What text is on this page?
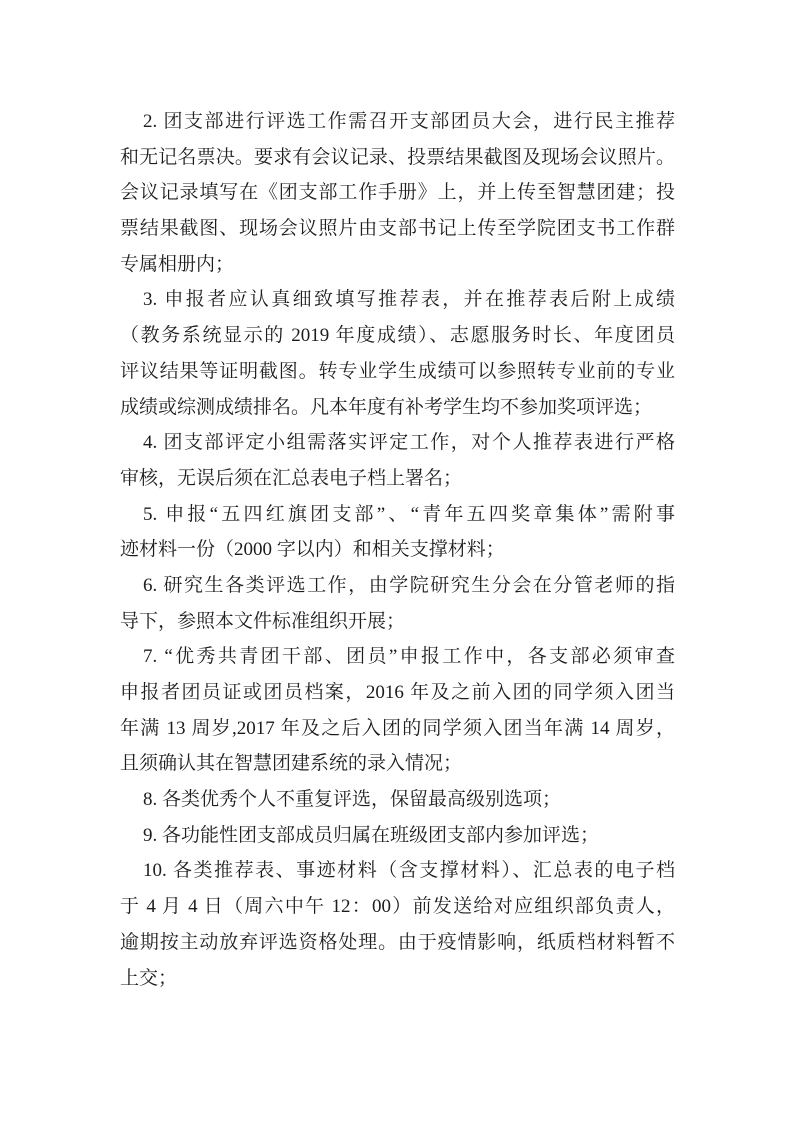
2. 团支部进行评选工作需召开支部团员大会，进行民主推荐
和无记名票决。要求有会议记录、投票结果截图及现场会议照片。
会议记录填写在《团支部工作手册》上，并上传至智慧团建；投
票结果截图、现场会议照片由支部书记上传至学院团支书工作群
专属相册内；
3. 申报者应认真细致填写推荐表，并在推荐表后附上成绩
（教务系统显示的 2019 年度成绩）、志愿服务时长、年度团员
评议结果等证明截图。转专业学生成绩可以参照转专业前的专业
成绩或综测成绩排名。凡本年度有补考学生均不参加奖项评选；
4. 团支部评定小组需落实评定工作，对个人推荐表进行严格
审核，无误后须在汇总表电子档上署名；
5. 申报“五四红旗团支部”、“青年五四奖章集体”需附事
迹材料一份（2000 字以内）和相关支撑材料；
6. 研究生各类评选工作，由学院研究生分会在分管老师的指
导下，参照本文件标准组织开展；
7. “优秀共青团干部、团员”申报工作中，各支部必须审查
申报者团员证或团员档案，2016 年及之前入团的同学须入团当
年满 13 周岁,2017 年及之后入团的同学须入团当年满 14 周岁，
且须确认其在智慧团建系统的录入情况；
8. 各类优秀个人不重复评选，保留最高级别选项；
9. 各功能性团支部成员归属在班级团支部内参加评选；
10. 各类推荐表、事迹材料（含支撑材料）、汇总表的电子档
于 4 月 4 日（周六中午 12：00）前发送给对应组织部负责人，
逾期按主动放弃评选资格处理。由于疫情影响，纸质档材料暂不
上交；
